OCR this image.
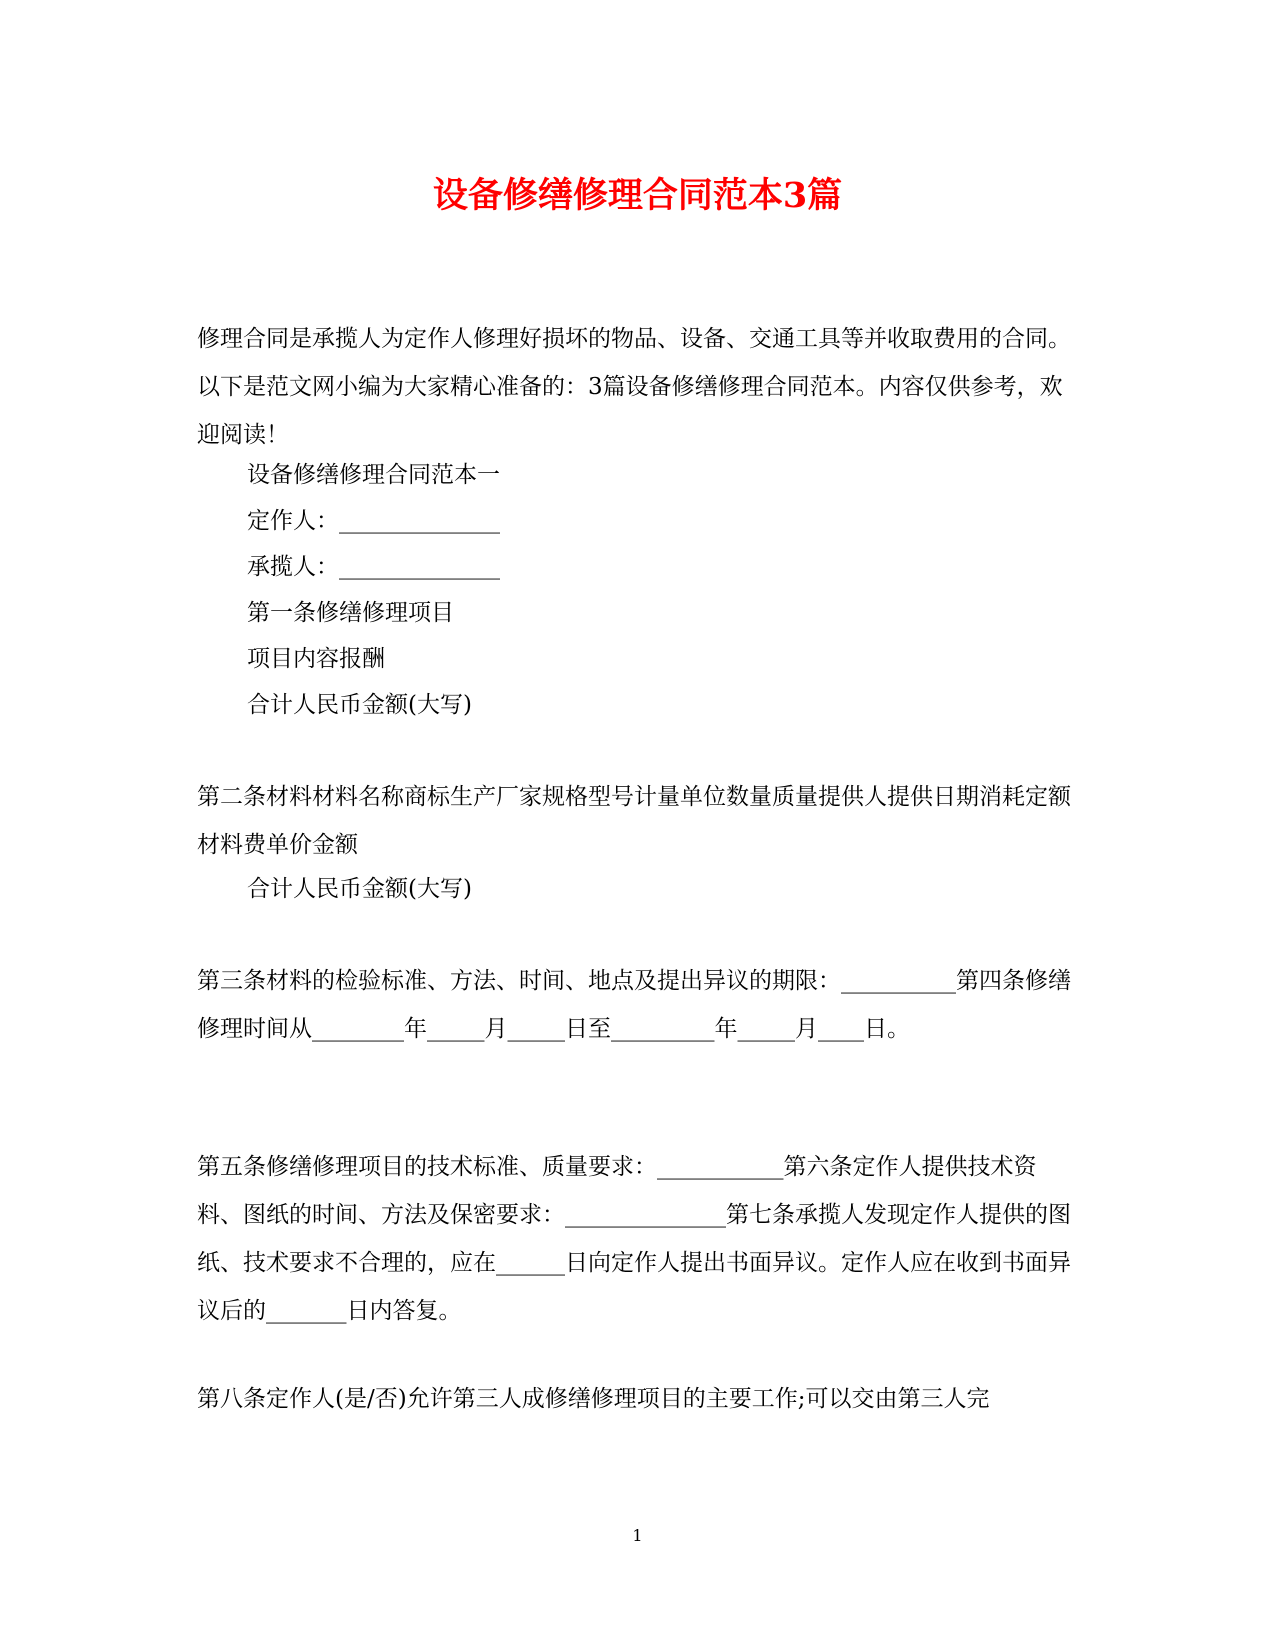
设备修缮修理合同范本3篇

修理合同是承揽人为定作人修理好损坏的物品、设备、交通工具等并收取费用的合同。以下是范文网小编为大家精心准备的：3篇设备修缮修理合同范本。内容仅供参考，欢迎阅读！

设备修缮修理合同范本一

定作人：______________

承揽人：______________

第一条修缮修理项目

项目内容报酬

合计人民币金额(大写)

第二条材料材料名称商标生产厂家规格型号计量单位数量质量提供人提供日期消耗定额材料费单价金额

合计人民币金额(大写)

第三条材料的检验标准、方法、时间、地点及提出异议的期限：__________第四条修缮修理时间从________年_____月_____日至_________年_____月____日。

第五条修缮修理项目的技术标准、质量要求：___________第六条定作人提供技术资料、图纸的时间、方法及保密要求：______________第七条承揽人发现定作人提供的图纸、技术要求不合理的，应在______日向定作人提出书面异议。定作人应在收到书面异议后的_______日内答复。

第八条定作人(是/否)允许第三人成修缮修理项目的主要工作;可以交由第三人完

1
